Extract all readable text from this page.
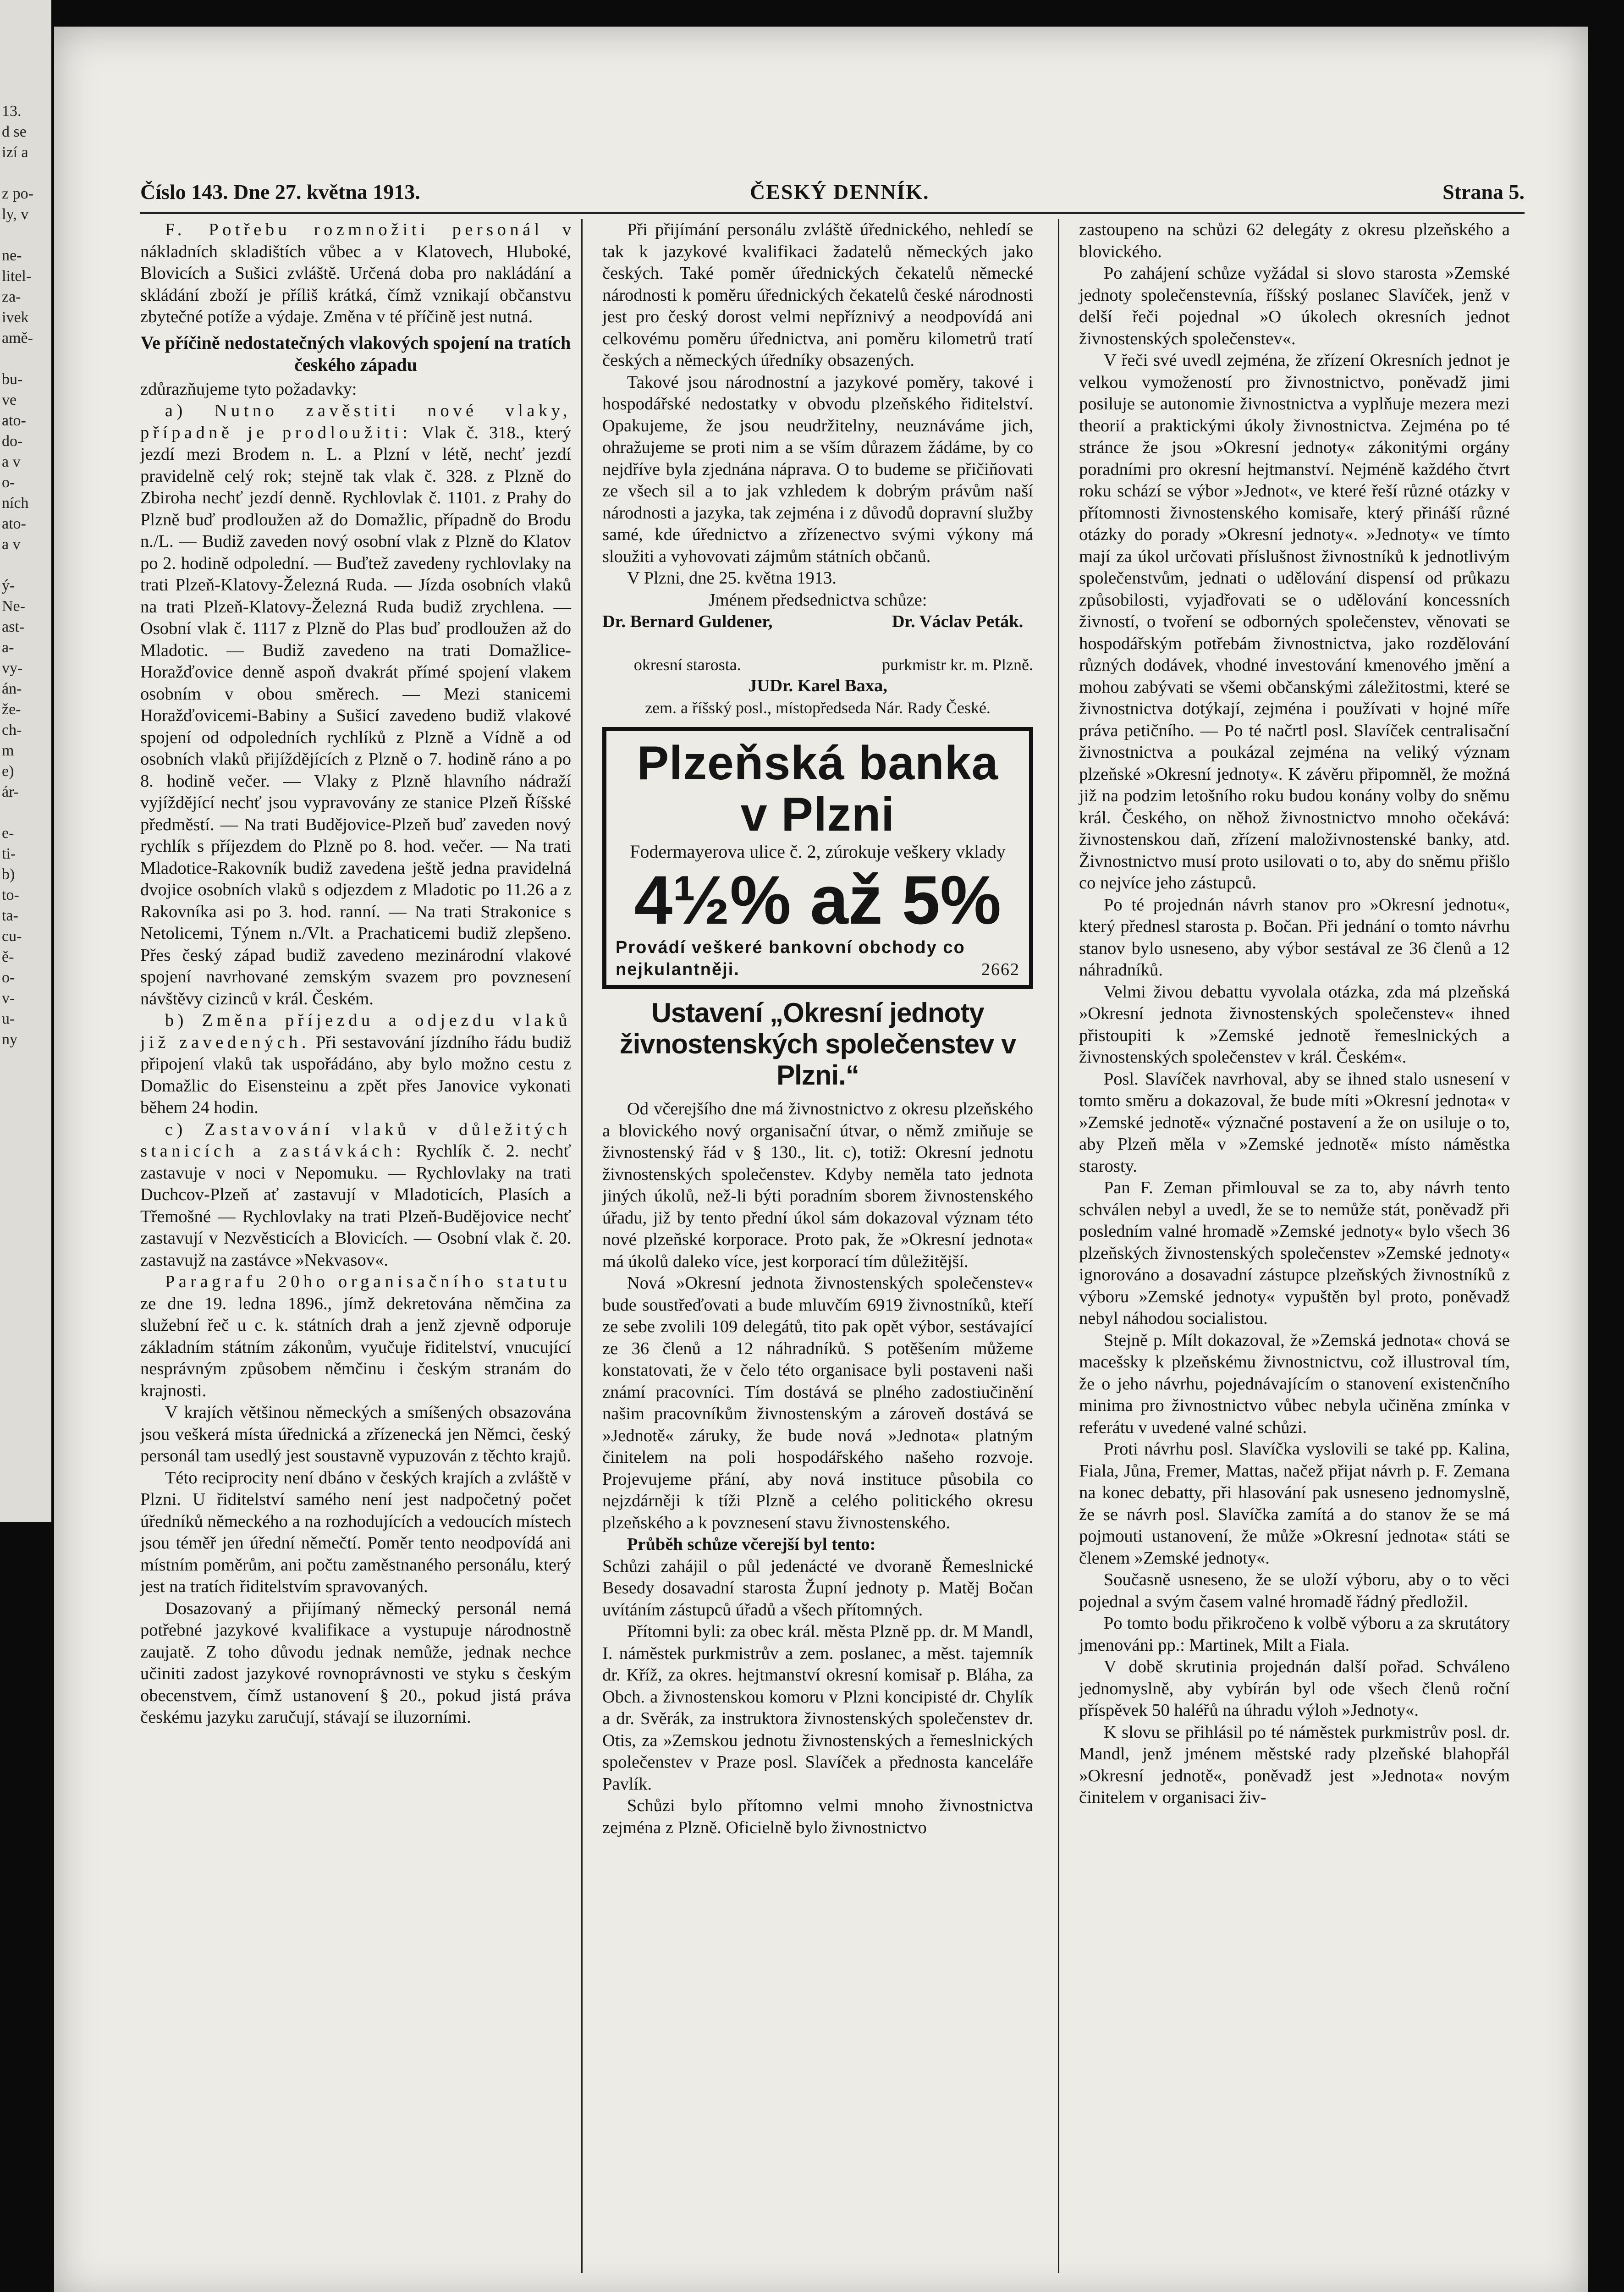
13.
d se
izí a

z po-
ly, v

ne-
litel-
za-
ivek
amě-

bu-
ve
ato-
do-
a v
o-
ních
ato-
a v

ý-
Ne-
ast-
a-
vy-
án-
že-
ch-
m
e)
ár-

e-
ti-
b)
to-
ta-
cu-
ě-
o-
v-
u-
ny
Číslo 143. Dne 27. května 1913.	ČESKÝ DENNÍK.	Strana 5.

F. Potřebu rozmnožiti personál v nákladních skladištích vůbec a v Klatovech, Hluboké, Blovicích a Sušici zvláště. Určená doba pro nakládání a skládání zboží je příliš krátká, čímž vznikají občanstvu zbytečné potíže a výdaje. Změna v té příčině jest nutná.

Ve příčině nedostatečných vlakových spojení na tratích českého západu

zdůrazňujeme tyto požadavky:

a) Nutno zavěstiti nové vlaky, případně je prodloužiti: Vlak č. 318., který jezdí mezi Brodem n. L. a Plzní v létě, nechť jezdí pravidelně celý rok; stejně tak vlak č. 328. z Plzně do Zbiroha nechť jezdí denně. Rychlovlak č. 1101. z Prahy do Plzně buď prodloužen až do Domažlic, případně do Brodu n./L. — Budiž zaveden nový osobní vlak z Plzně do Klatov po 2. hodině odpolední. — Buďtež zavedeny rychlovlaky na trati Plzeň-Klatovy-Železná Ruda. — Jízda osobních vlaků na trati Plzeň-Klatovy-Železná Ruda budiž zrychlena. — Osobní vlak č. 1117 z Plzně do Plas buď prodloužen až do Mladotic. — Budiž zavedeno na trati Domažlice-Horažďovice denně aspoň dvakrát přímé spojení vlakem osobním v obou směrech. — Mezi stanicemi Horažďovicemi-Babiny a Sušicí zavedeno budiž vlakové spojení od odpoledních rychlíků z Plzně a Vídně a od osobních vlaků přijíždějících z Plzně o 7. hodině ráno a po 8. hodině večer. — Vlaky z Plzně hlavního nádraží vyjíždějící nechť jsou vypravovány ze stanice Plzeň Říšské předměstí. — Na trati Budějovice-Plzeň buď zaveden nový rychlík s příjezdem do Plzně po 8. hod. večer. — Na trati Mladotice-Rakovník budiž zavedena ještě jedna pravidelná dvojice osobních vlaků s odjezdem z Mladotic po 11.26 a z Rakovníka asi po 3. hod. ranní. — Na trati Strakonice s Netolicemi, Týnem n./Vlt. a Prachaticemi budiž zlepšeno. Přes český západ budiž zavedeno mezinárodní vlakové spojení navrhované zemským svazem pro povznesení návštěvy cizinců v král. Českém.

b) Změna příjezdu a odjezdu vlaků již zavedených. Při sestavování jízdního řádu budiž připojení vlaků tak uspořádáno, aby bylo možno cestu z Domažlic do Eisensteinu a zpět přes Janovice vykonati během 24 hodin.

c) Zastavování vlaků v důležitých stanicích a zastávkách: Rychlík č. 2. nechť zastavuje v noci v Nepomuku. — Rychlovlaky na trati Duchcov-Plzeň ať zastavují v Mladoticích, Plasích a Třemošné — Rychlovlaky na trati Plzeň-Budějovice nechť zastavují v Nezvěsticích a Blovicích. — Osobní vlak č. 20. zastavujž na zastávce »Nekvasov«.

Paragrafu 20ho organisačního statutu ze dne 19. ledna 1896., jímž dekretována němčina za služební řeč u c. k. státních drah a jenž zjevně odporuje základním státním zákonům, vyučuje řiditelství, vnucující nesprávným způsobem němčinu i českým stranám do krajnosti.

V krajích většinou německých a smíšených obsazována jsou veškerá místa úřednická a zřízenecká jen Němci, český personál tam usedlý jest soustavně vypuzován z těchto krajů.

Této reciprocity není dbáno v českých krajích a zvláště v Plzni. U řiditelství samého není jest nadpočetný počet úředníků německého a na rozhodujících a vedoucích místech jsou téměř jen úřední němečtí. Poměr tento neodpovídá ani místním poměrům, ani počtu zaměstnaného personálu, který jest na tratích řiditelstvím spravovaných.

Dosazovaný a přijímaný německý personál nemá potřebné jazykové kvalifikace a vystupuje národnostně zaujatě. Z toho důvodu jednak nemůže, jednak nechce učiniti zadost jazykové rovnoprávnosti ve styku s českým obecenstvem, čímž ustanovení § 20., pokud jistá práva českému jazyku zaručují, stávají se iluzorními.

Při přijímání personálu zvláště úřednického, nehledí se tak k jazykové kvalifikaci žadatelů německých jako českých. Také poměr úřednických čekatelů německé národnosti k poměru úřednických čekatelů české národnosti jest pro český dorost velmi nepříznivý a neodpovídá ani celkovému poměru úřednictva, ani poměru kilometrů tratí českých a německých úředníky obsazených.

Takové jsou národnostní a jazykové poměry, takové i hospodářské nedostatky v obvodu plzeňského řiditelství. Opakujeme, že jsou neudržitelny, neuznáváme jich, ohražujeme se proti nim a se vším důrazem žádáme, by co nejdříve byla zjednána náprava. O to budeme se přičiňovati ze všech sil a to jak vzhledem k dobrým právům naší národnosti a jazyka, tak zejména i z důvodů dopravní služby samé, kde úřednictvo a zřízenectvo svými výkony má sloužiti a vyhovovati zájmům státních občanů.

V Plzni, dne 25. května 1913.

Jménem předsednictva schůze:

Dr. Bernard Guldener,

okresní starosta.
Dr. Václav Peták.

purkmistr kr. m. Plzně.

JUDr. Karel Baxa,
zem. a říšský posl., místopředseda Nár. Rady České.

Plzeňská banka
v Plzni
Fodermayerova ulice č. 2, zúrokuje veškery vklady
4½% až 5%
Provádí veškeré bankovní obchody co nejkulantněji.	2662
Ustavení „Okresní jednoty živnostenských společenstev v Plzni.“

Od včerejšího dne má živnostnictvo z okresu plzeňského a blovického nový organisační útvar, o němž zmiňuje se živnostenský řád v § 130., lit. c), totiž: Okresní jednotu živnostenských společenstev. Kdyby neměla tato jednota jiných úkolů, než-li býti poradním sborem živnostenského úřadu, již by tento přední úkol sám dokazoval význam této nové plzeňské korporace. Proto pak, že »Okresní jednota« má úkolů daleko více, jest korporací tím důležitější.

Nová »Okresní jednota živnostenských společenstev« bude soustřeďovati a bude mluvčím 6919 živnostníků, kteří ze sebe zvolili 109 delegátů, tito pak opět výbor, sestávající ze 36 členů a 12 náhradníků. S potěšením můžeme konstatovati, že v čelo této organisace byli postaveni naši známí pracovníci. Tím dostává se plného zadostiučinění našim pracovníkům živnostenským a zároveň dostává se »Jednotě« záruky, že bude nová »Jednota« platným činitelem na poli hospodářského našeho rozvoje. Projevujeme přání, aby nová instituce působila co nejzdárněji k tíži Plzně a celého politického okresu plzeňského a k povznesení stavu živnostenského.

Průběh schůze včerejší byl tento:
Schůzi zahájil o půl jedenácté ve dvoraně Řemeslnické Besedy dosavadní starosta Župní jednoty p. Matěj Bočan uvítáním zástupců úřadů a všech přítomných.

Přítomni byli: za obec král. města Plzně pp. dr. M Mandl, I. náměstek purkmistrův a zem. poslanec, a měst. tajemník dr. Kříž, za okres. hejtmanství okresní komisař p. Bláha, za Obch. a živnostenskou komoru v Plzni koncipisté dr. Chylík a dr. Svěrák, za instruktora živnostenských společenstev dr. Otis, za »Zemskou jednotu živnostenských a řemeslnických společenstev v Praze posl. Slavíček a přednosta kanceláře Pavlík.

Schůzi bylo přítomno velmi mnoho živnostnictva zejména z Plzně. Oficielně bylo živnostnictvo

zastoupeno na schůzi 62 delegáty z okresu plzeňského a blovického.

Po zahájení schůze vyžádal si slovo starosta »Zemské jednoty společenstevnía, říšský poslanec Slavíček, jenž v delší řeči pojednal »O úkolech okresních jednot živnostenských společenstev«.

V řeči své uvedl zejména, že zřízení Okresních jednot je velkou vymožeností pro živnostnictvo, poněvadž jimi posiluje se autonomie živnostnictva a vyplňuje mezera mezi theorií a praktickými úkoly živnostnictva. Zejména po té stránce že jsou »Okresní jednoty« zákonitými orgány poradními pro okresní hejtmanství. Nejméně každého čtvrt roku schází se výbor »Jednot«, ve které řeší různé otázky v přítomnosti živnostenského komisaře, který přináší různé otázky do porady »Okresní jednoty«. »Jednoty« ve tímto mají za úkol určovati příslušnost živnostníků k jednotlivým společenstvům, jednati o udělování dispensí od průkazu způsobilosti, vyjadřovati se o udělování koncessních živností, o tvoření se odborných společenstev, věnovati se hospodářským potřebám živnostnictva, jako rozdělování různých dodávek, vhodné investování kmenového jmění a mohou zabývati se všemi občanskými záležitostmi, které se živnostnictva dotýkají, zejména i používati v hojné míře práva petičního. — Po té načrtl posl. Slavíček centralisační živnostnictva a poukázal zejména na veliký význam plzeňské »Okresní jednoty«. K závěru připomněl, že možná již na podzim letošního roku budou konány volby do sněmu král. Českého, on něhož živnostnictvo mnoho očekává: živnostenskou daň, zřízení maloživnostenské banky, atd. Živnostnictvo musí proto usilovati o to, aby do sněmu přišlo co nejvíce jeho zástupců.

Po té projednán návrh stanov pro »Okresní jednotu«, který přednesl starosta p. Bočan. Při jednání o tomto návrhu stanov bylo usneseno, aby výbor sestával ze 36 členů a 12 náhradníků.

Velmi živou debattu vyvolala otázka, zda má plzeňská »Okresní jednota živnostenských společenstev« ihned přistoupiti k »Zemské jednotě řemeslnických a živnostenských společenstev v král. Českém«.

Posl. Slavíček navrhoval, aby se ihned stalo usnesení v tomto směru a dokazoval, že bude míti »Okresní jednota« v »Zemské jednotě« význačné postavení a že on usiluje o to, aby Plzeň měla v »Zemské jednotě« místo náměstka starosty.

Pan F. Zeman přimlouval se za to, aby návrh tento schválen nebyl a uvedl, že se to nemůže stát, poněvadž při posledním valné hromadě »Zemské jednoty« bylo všech 36 plzeňských živnostenských společenstev »Zemské jednoty« ignorováno a dosavadní zástupce plzeňských živnostníků z výboru »Zemské jednoty« vypuštěn byl proto, poněvadž nebyl náhodou socialistou.

Stejně p. Mílt dokazoval, že »Zemská jednota« chová se macešsky k plzeňskému živnostnictvu, což illustroval tím, že o jeho návrhu, pojednávajícím o stanovení existenčního minima pro živnostnictvo vůbec nebyla učiněna zmínka v referátu v uvedené valné schůzi.

Proti návrhu posl. Slavíčka vyslovili se také pp. Kalina, Fiala, Jůna, Fremer, Mattas, načež přijat návrh p. F. Zemana na konec debatty, při hlasování pak usneseno jednomyslně, že se návrh posl. Slavíčka zamítá a do stanov že se má pojmouti ustanovení, že může »Okresní jednota« státi se členem »Zemské jednoty«.

Současně usneseno, že se uloží výboru, aby o to věci pojednal a svým časem valné hromadě řádný předložil.

Po tomto bodu přikročeno k volbě výboru a za skrutátory jmenováni pp.: Martinek, Milt a Fiala.

V době skrutinia projednán další pořad. Schváleno jednomyslně, aby vybírán byl ode všech členů roční příspěvek 50 haléřů na úhradu výloh »Jednoty«.

K slovu se přihlásil po té náměstek purkmistrův posl. dr. Mandl, jenž jménem městské rady plzeňské blahopřál »Okresní jednotě«, poněvadž jest »Jednota« novým činitelem v organisaci živ-
